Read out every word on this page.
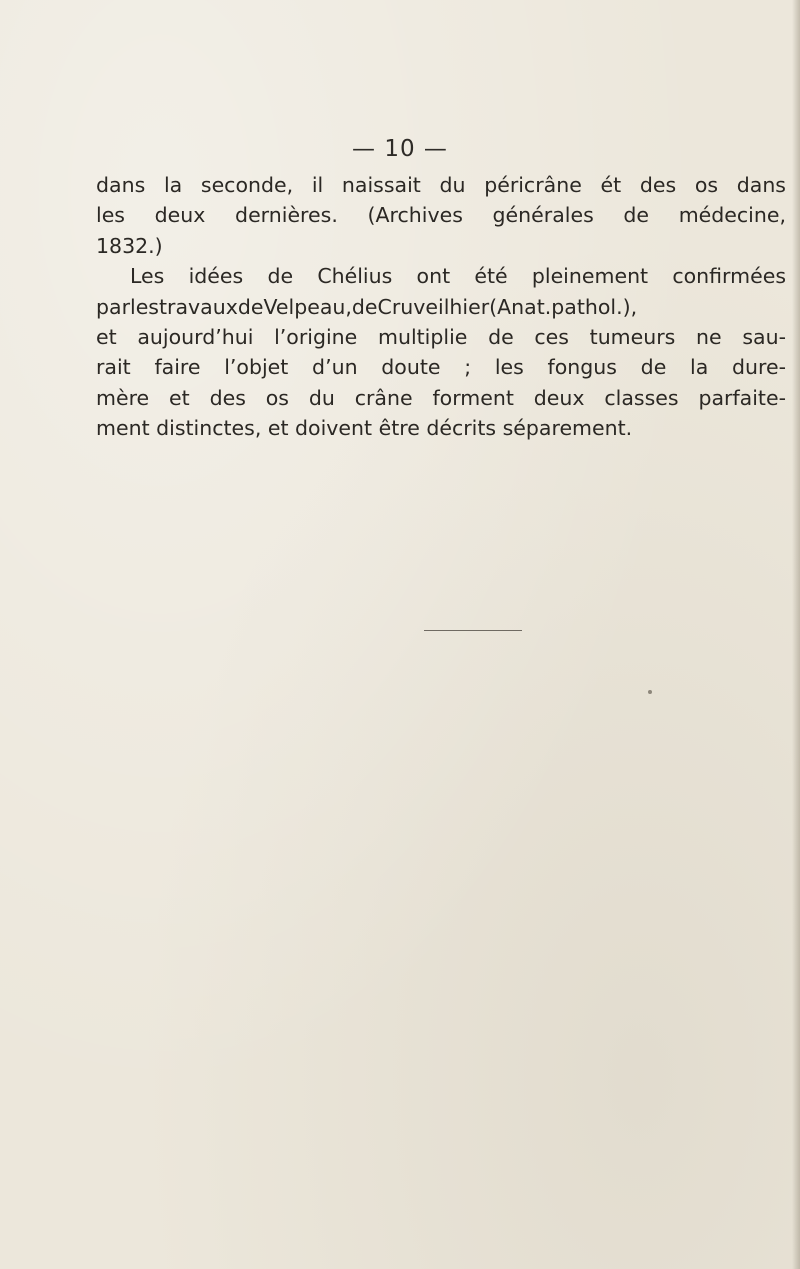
— 10 —
dans la seconde, il naissait du péricrâne ét des os dans
les deux dernières. (Archives générales de médecine,
1832.)
Les idées de Chélius ont été pleinement confirmées
parlestravauxdeVelpeau,deCruveilhier(Anat.pathol.),
et aujourd’hui l’origine multiplie de ces tumeurs ne sau-
rait faire l’objet d’un doute ; les fongus de la dure-
mère et des os du crâne forment deux classes parfaite-
ment distinctes, et doivent être décrits séparement.
